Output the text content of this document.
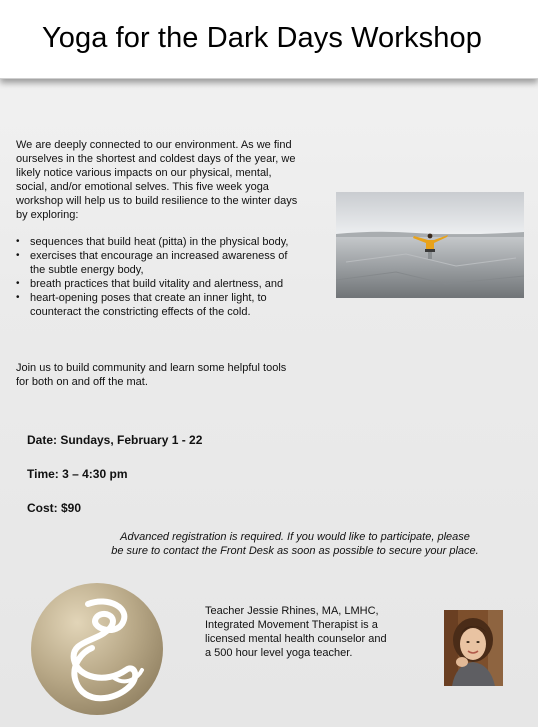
Yoga for the Dark Days Workshop

We are deeply connected to our environment. As we find ourselves in the shortest and coldest days of the year, we likely notice various impacts on our physical, mental, social, and/or emotional selves. This five week yoga workshop will help us to build resilience to the winter days by exploring:

• sequences that build heat (pitta) in the physical body,
• exercises that encourage an increased awareness of the subtle energy body,
• breath practices that build vitality and alertness, and
• heart-opening poses that create an inner light, to counteract the constricting effects of the cold.

Join us to build community and learn some helpful tools for both on and off the mat.

Date: Sundays, February 1 - 22
Time: 3 – 4:30 pm
Cost: $90
Advanced registration is required. If you would like to participate, please
be sure to contact the Front Desk as soon as possible to secure your place.
Teacher Jessie Rhines, MA, LMHC, Integrated Movement Therapist is a licensed mental health counselor and a 500 hour level yoga teacher.
